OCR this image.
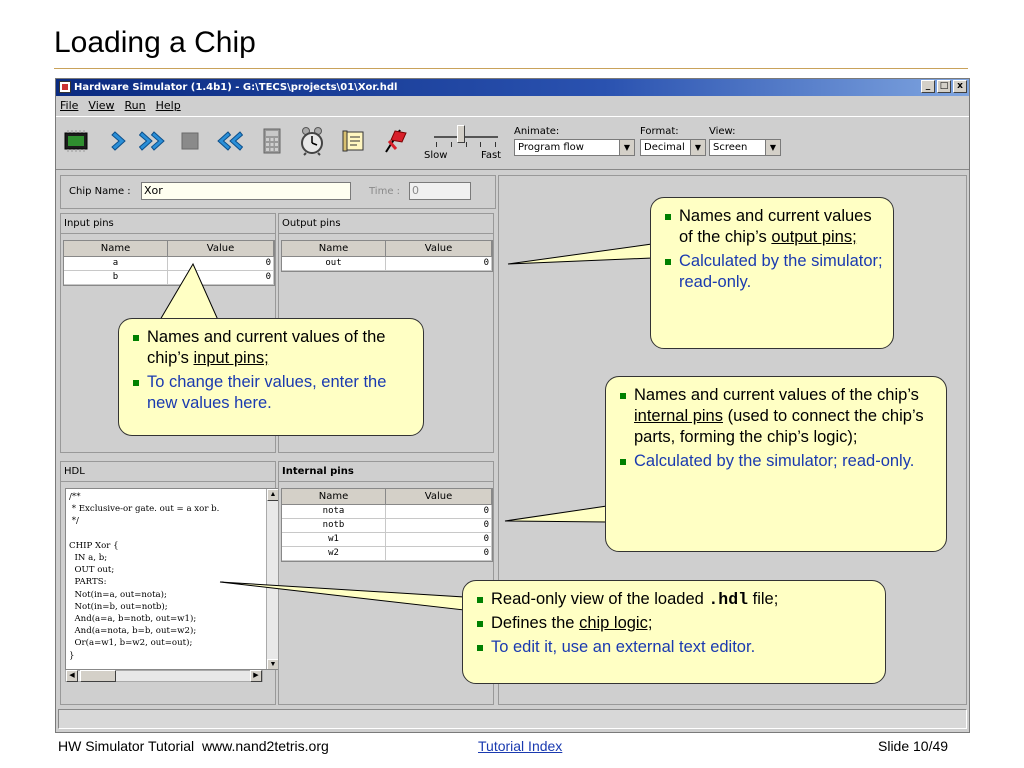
Loading a Chip
Hardware Simulator (1.4b1) - G:\TECS\projects\01\Xor.hdl	_	□ x
File View Run Help
Slow	Fast
Animate:
Program flow	▼
Format:
Decimal	▼
View:
Screen	▼
Chip Name : Xor	Time : 0
Input pins
Name	Value
a	0
b	0
Output pins
Name	Value
out	0
HDL
/**
* Exclusive-or gate. out = a xor b.
*/

CHIP Xor {
IN a, b;
OUT out;
PARTS:
Not(in=a, out=nota);
Not(in=b, out=notb);
And(a=a, b=notb, out=w1);
And(a=nota, b=b, out=w2);
Or(a=w1, b=w2, out=out);
}
▲
▼
◀	▶
Internal pins
Name	Value
nota	0
notb	0
w1	0
w2	0
Names and current values of the chip’s output pins;
Calculated by the simulator; read-only.
Names and current values of the chip’s input pins;
To change their values, enter the new values here.	Names and current values of the chip’s internal pins (used to connect the chip’s parts, forming the chip’s logic);
Calculated by the simulator; read-only.
Read-only view of the loaded .hdl file;
Defines the chip logic;
To edit it, use an external text editor.
HW Simulator Tutorial www.nand2tetris.org	Tutorial Index	Slide 10/49
